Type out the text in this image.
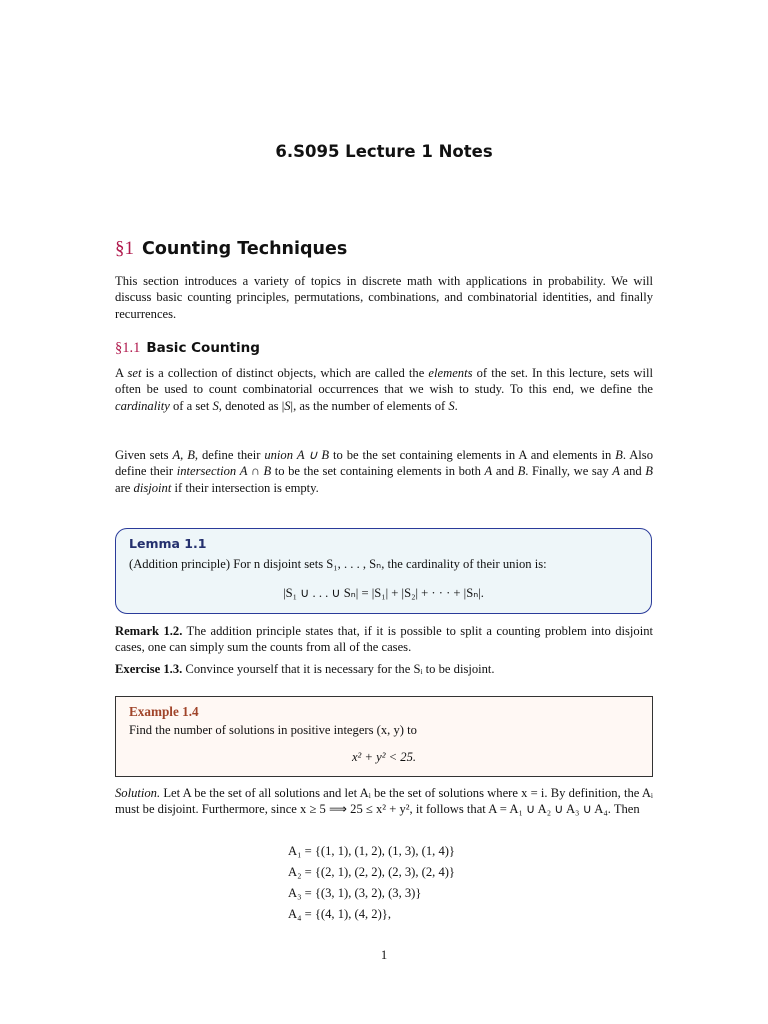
6.S095 Lecture 1 Notes
§1 Counting Techniques

This section introduces a variety of topics in discrete math with applications in probability. We will discuss basic counting principles, permutations, combinations, and combinatorial identities, and finally recurrences.

§1.1 Basic Counting

A set is a collection of distinct objects, which are called the elements of the set. In this lecture, sets will often be used to count combinatorial occurrences that we wish to study. To this end, we define the cardinality of a set S, denoted as |S|, as the number of elements of S.

Given sets A, B, define their union A ∪ B to be the set containing elements in A and elements in B. Also define their intersection A ∩ B to be the set containing elements in both A and B. Finally, we say A and B are disjoint if their intersection is empty.

Lemma 1.1
(Addition principle) For n disjoint sets S₁, . . . , Sₙ, the cardinality of their union is:
|S₁ ∪ . . . ∪ Sₙ| = |S₁| + |S₂| + · · · + |Sₙ|.

Remark 1.2. The addition principle states that, if it is possible to split a counting problem into disjoint cases, one can simply sum the counts from all of the cases.

Exercise 1.3. Convince yourself that it is necessary for the Sᵢ to be disjoint.

Example 1.4
Find the number of solutions in positive integers (x, y) to
x² + y² < 25.

Solution. Let A be the set of all solutions and let Aᵢ be the set of solutions where x = i. By definition, the Aᵢ must be disjoint. Furthermore, since x ≥ 5 ⟹ 25 ≤ x² + y², it follows that A = A₁ ∪ A₂ ∪ A₃ ∪ A₄. Then

A₁ = {(1, 1), (1, 2), (1, 3), (1, 4)}
A₂ = {(2, 1), (2, 2), (2, 3), (2, 4)}
A₃ = {(3, 1), (3, 2), (3, 3)}
A₄ = {(4, 1), (4, 2)},
1
